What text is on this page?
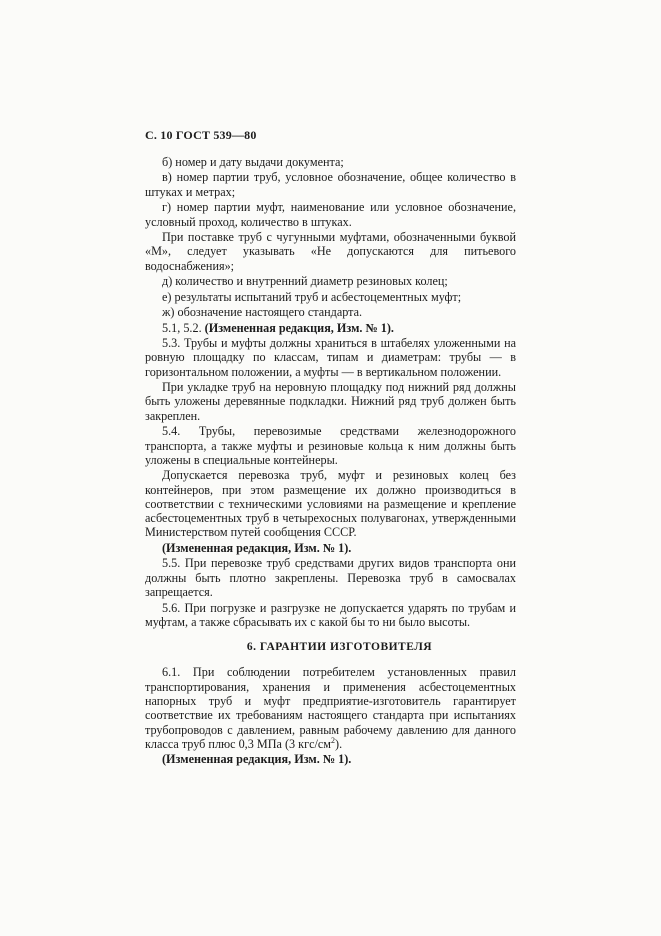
С. 10 ГОСТ 539—80

б) номер и дату выдачи документа;

в) номер партии труб, условное обозначение, общее количество в штуках и метрах;

г) номер партии муфт, наименование или условное обозначение, условный проход, количество в штуках.

При поставке труб с чугунными муфтами, обозначенными буквой «М», следует указывать «Не допускаются для питьевого водоснабжения»;

д) количество и внутренний диаметр резиновых колец;

е) результаты испытаний труб и асбестоцементных муфт;

ж) обозначение настоящего стандарта.

5.1, 5.2. (Измененная редакция, Изм. № 1).

5.3. Трубы и муфты должны храниться в штабелях уложенными на ровную площадку по классам, типам и диаметрам: трубы — в горизонтальном положении, а муфты — в вертикальном положении.

При укладке труб на неровную площадку под нижний ряд должны быть уложены деревянные подкладки. Нижний ряд труб должен быть закреплен.

5.4. Трубы, перевозимые средствами железнодорожного транспорта, а также муфты и резиновые кольца к ним должны быть уложены в специальные контейнеры.

Допускается перевозка труб, муфт и резиновых колец без контейнеров, при этом размещение их должно производиться в соответствии с техническими условиями на размещение и крепление асбестоцементных труб в четырехосных полувагонах, утвержденными Министерством путей сообщения СССР.

(Измененная редакция, Изм. № 1).

5.5. При перевозке труб средствами других видов транспорта они должны быть плотно закреплены. Перевозка труб в самосвалах запрещается.

5.6. При погрузке и разгрузке не допускается ударять по трубам и муфтам, а также сбрасывать их с какой бы то ни было высоты.

6. ГАРАНТИИ ИЗГОТОВИТЕЛЯ

6.1. При соблюдении потребителем установленных правил транспортирования, хранения и применения асбестоцементных напорных труб и муфт предприятие-изготовитель гарантирует соответствие их требованиям настоящего стандарта при испытаниях трубопроводов с давлением, равным рабочему давлению для данного класса труб плюс 0,3 МПа (3 кгс/$см^2$).

(Измененная редакция, Изм. № 1).
